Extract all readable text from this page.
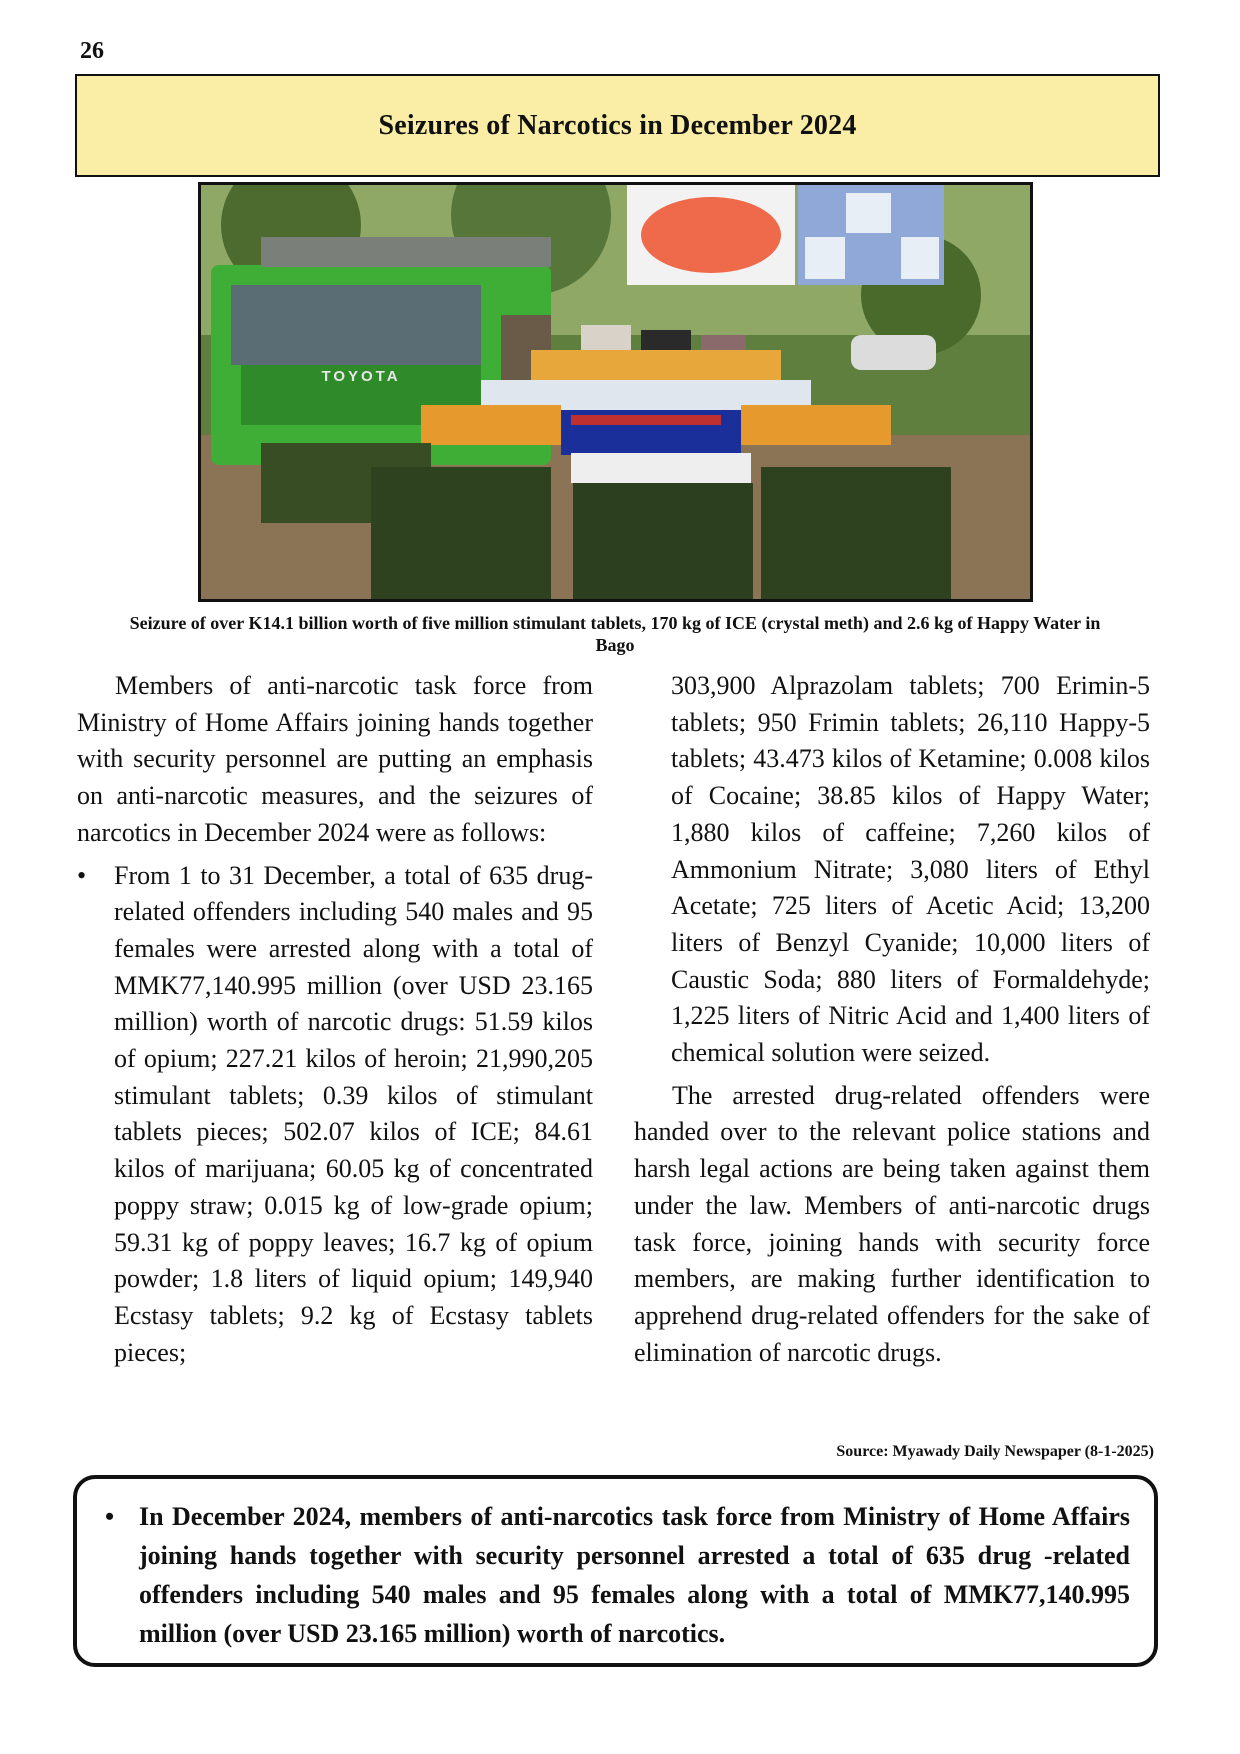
26
Seizures of Narcotics in December 2024
TOYOTA
Seizure of over K14.1 billion worth of five million stimulant tablets, 170 kg of ICE (crystal meth) and 2.6 kg of Happy Water in Bago

Members of anti-narcotic task force from Ministry of Home Affairs joining hands together with security personnel are putting an emphasis on anti-narcotic measures, and the seizures of narcotics in December 2024 were as follows:

• From 1 to 31 December, a total of 635 drug-related offenders including 540 males and 95 females were arrested along with a total of MMK77,140.995 million (over USD 23.165 million) worth of narcotic drugs: 51.59 kilos of opium; 227.21 kilos of heroin; 21,990,205 stimulant tablets; 0.39 kilos of stimulant tablets pieces; 502.07 kilos of ICE; 84.61 kilos of marijuana; 60.05 kg of concentrated poppy straw; 0.015 kg of low-grade opium; 59.31 kg of poppy leaves; 16.7 kg of opium powder; 1.8 liters of liquid opium; 149,940 Ecstasy tablets; 9.2 kg of Ecstasy tablets pieces;

303,900 Alprazolam tablets; 700 Erimin-5 tablets; 950 Frimin tablets; 26,110 Happy-5 tablets; 43.473 kilos of Ketamine; 0.008 kilos of Cocaine; 38.85 kilos of Happy Water; 1,880 kilos of caffeine; 7,260 kilos of Ammonium Nitrate; 3,080 liters of Ethyl Acetate; 725 liters of Acetic Acid; 13,200 liters of Benzyl Cyanide; 10,000 liters of Caustic Soda; 880 liters of Formaldehyde; 1,225 liters of Nitric Acid and 1,400 liters of chemical solution were seized.

The arrested drug-related offenders were handed over to the relevant police stations and harsh legal actions are being taken against them under the law. Members of anti-narcotic drugs task force, joining hands with security force members, are making further identification to apprehend drug-related offenders for the sake of elimination of narcotic drugs.

Source: Myawady Daily Newspaper (8-1-2025)
• In December 2024, members of anti-narcotics task force from Ministry of Home Affairs joining hands together with security personnel arrested a total of 635 drug -related offenders including 540 males and 95 females along with a total of MMK77,140.995 million (over USD 23.165 million) worth of narcotics.
